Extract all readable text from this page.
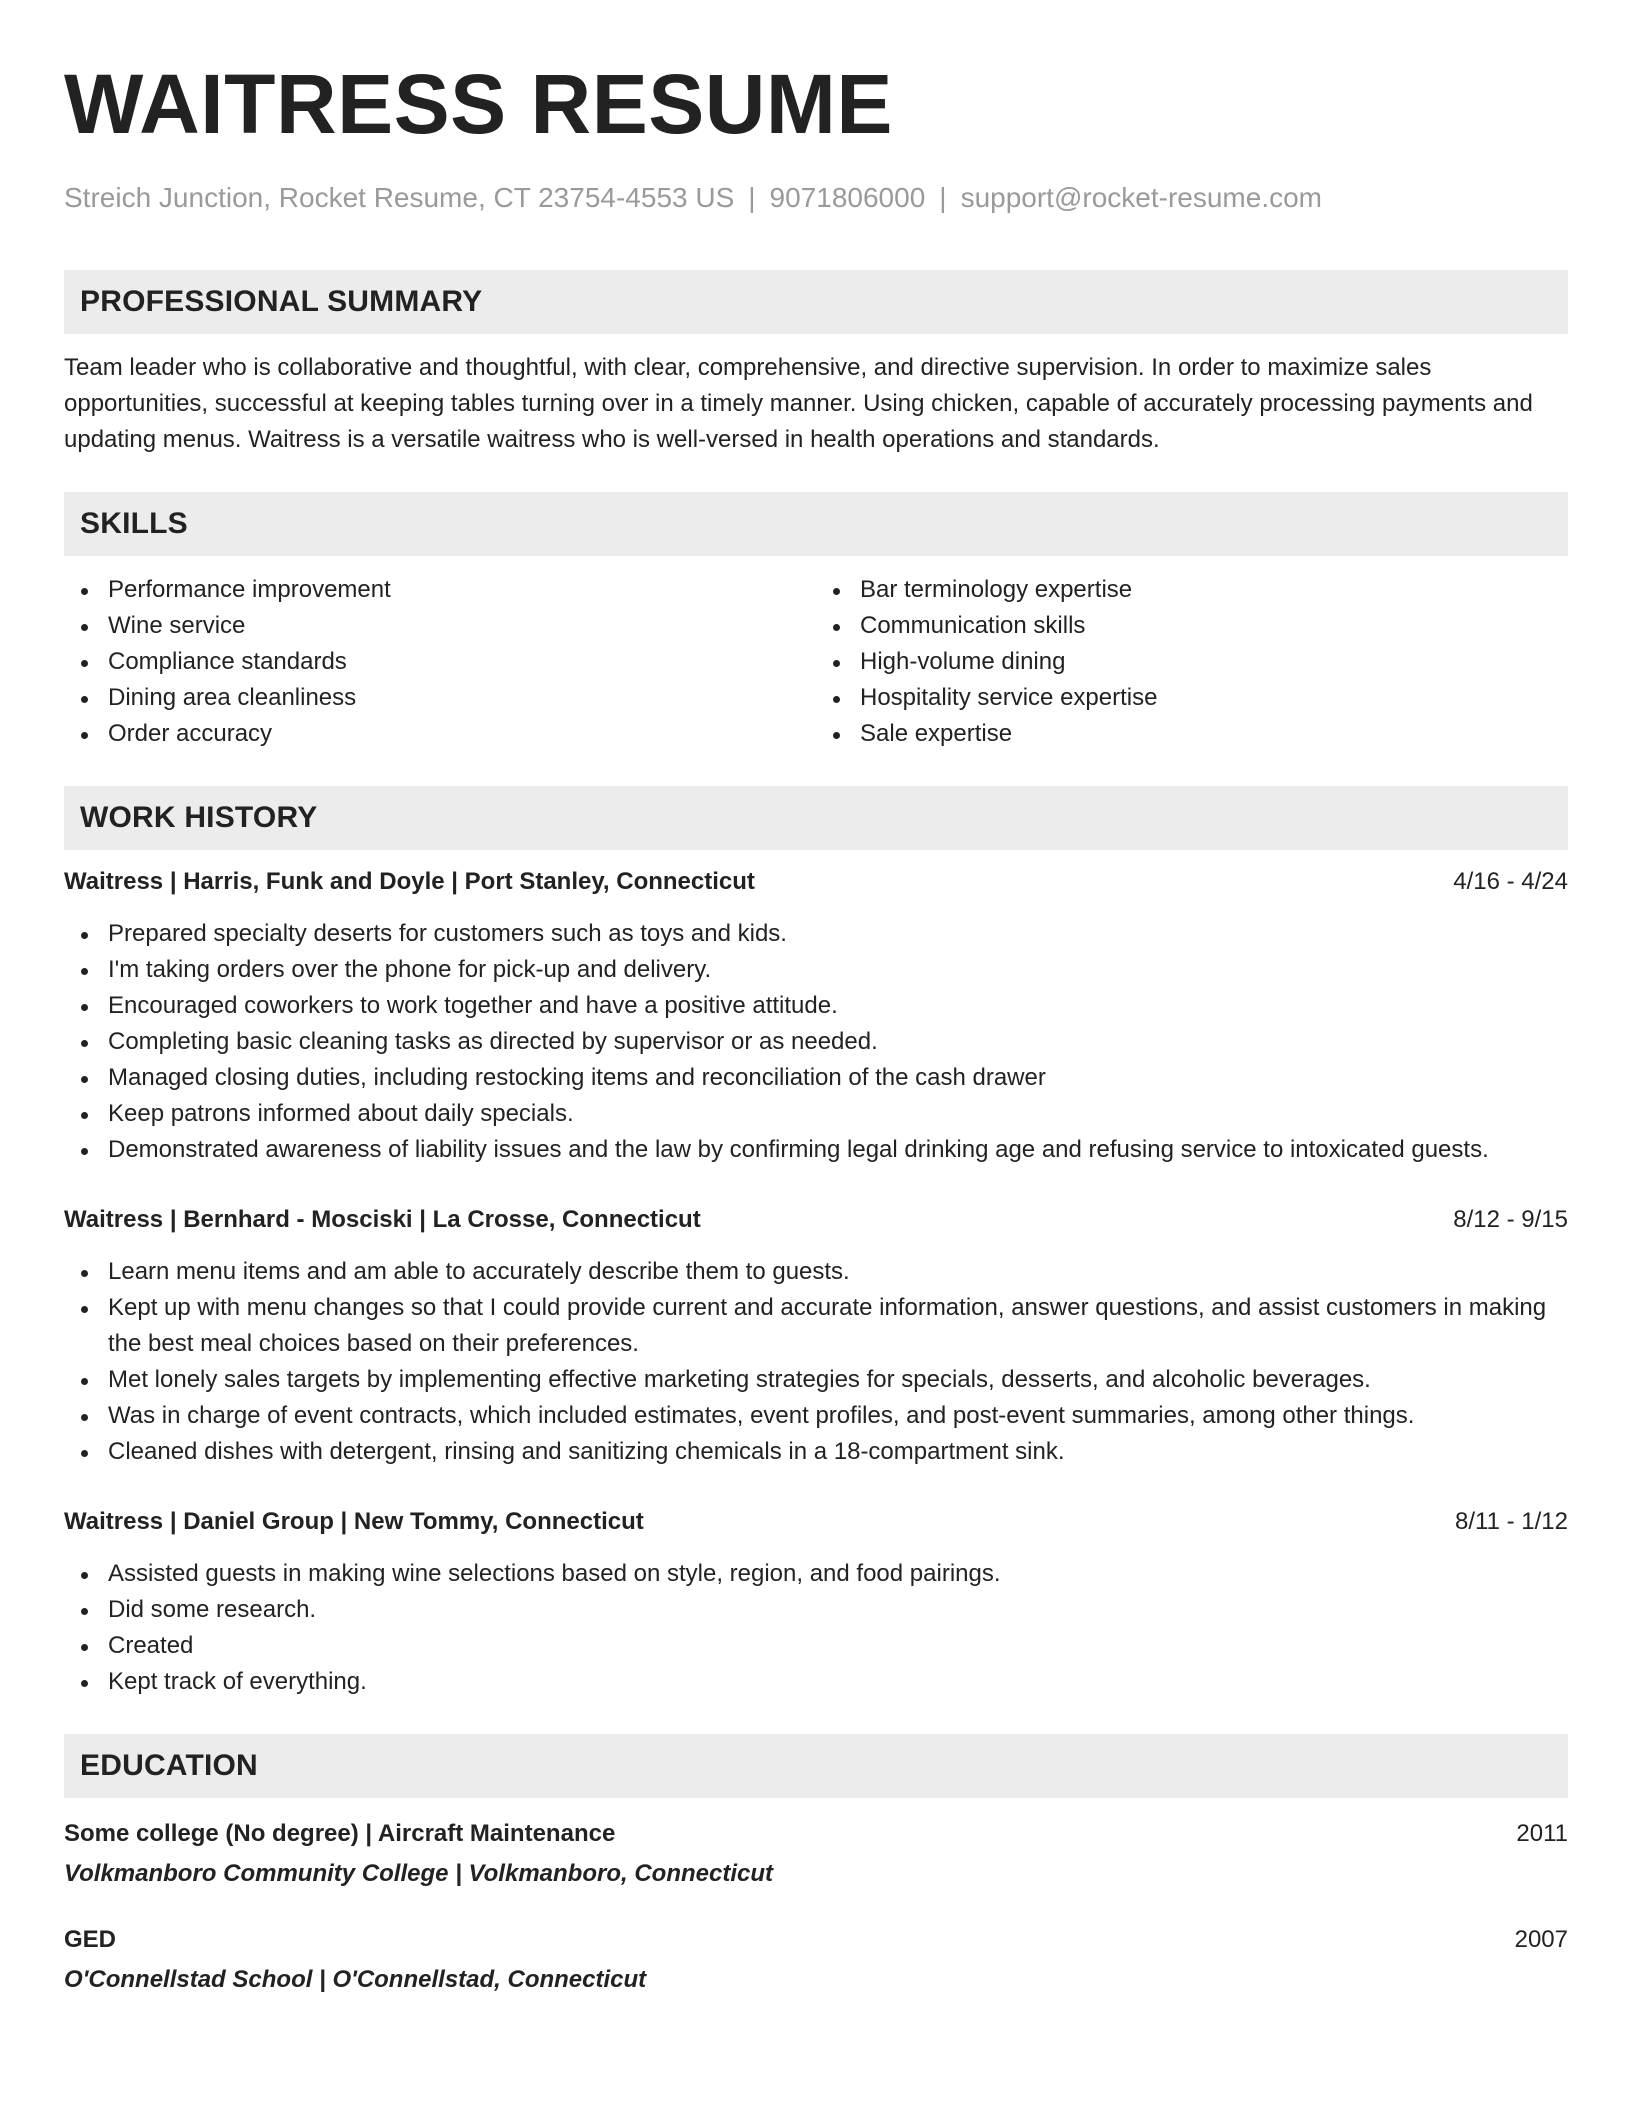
WAITRESS RESUME
Streich Junction, Rocket Resume, CT 23754-4553 US | 9071806000 | support@rocket-resume.com
PROFESSIONAL SUMMARY
Team leader who is collaborative and thoughtful, with clear, comprehensive, and directive supervision. In order to maximize sales opportunities, successful at keeping tables turning over in a timely manner. Using chicken, capable of accurately processing payments and updating menus. Waitress is a versatile waitress who is well-versed in health operations and standards.
SKILLS
Performance improvement
Wine service
Compliance standards
Dining area cleanliness
Order accuracy
Bar terminology expertise
Communication skills
High-volume dining
Hospitality service expertise
Sale expertise
WORK HISTORY
Waitress | Harris, Funk and Doyle | Port Stanley, Connecticut	4/16 - 4/24
Prepared specialty deserts for customers such as toys and kids.
I'm taking orders over the phone for pick-up and delivery.
Encouraged coworkers to work together and have a positive attitude.
Completing basic cleaning tasks as directed by supervisor or as needed.
Managed closing duties, including restocking items and reconciliation of the cash drawer
Keep patrons informed about daily specials.
Demonstrated awareness of liability issues and the law by confirming legal drinking age and refusing service to intoxicated guests.
Waitress | Bernhard - Mosciski | La Crosse, Connecticut	8/12 - 9/15
Learn menu items and am able to accurately describe them to guests.
Kept up with menu changes so that I could provide current and accurate information, answer questions, and assist customers in making the best meal choices based on their preferences.
Met lonely sales targets by implementing effective marketing strategies for specials, desserts, and alcoholic beverages.
Was in charge of event contracts, which included estimates, event profiles, and post-event summaries, among other things.
Cleaned dishes with detergent, rinsing and sanitizing chemicals in a 18-compartment sink.
Waitress | Daniel Group | New Tommy, Connecticut	8/11 - 1/12
Assisted guests in making wine selections based on style, region, and food pairings.
Did some research.
Created
Kept track of everything.
EDUCATION
Some college (No degree) | Aircraft Maintenance	2011
Volkmanboro Community College | Volkmanboro, Connecticut
GED	2007
O'Connellstad School | O'Connellstad, Connecticut
